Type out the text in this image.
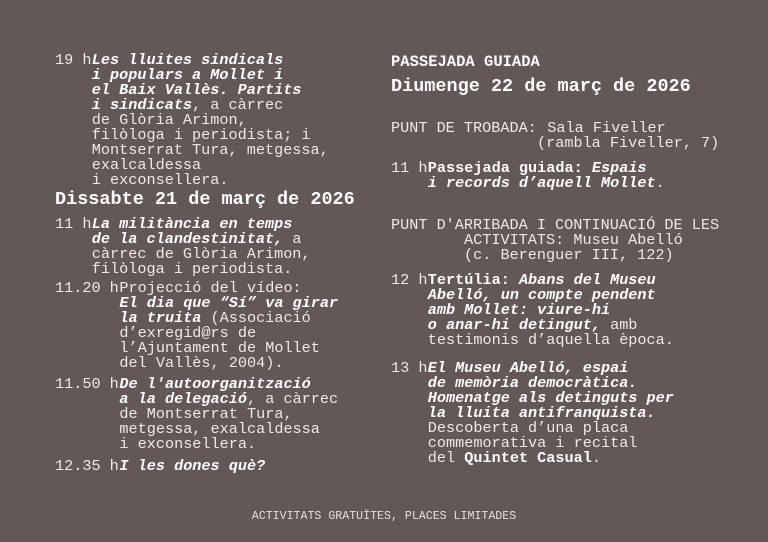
19 h Les lluites sindicals
i populars a Mollet i
el Baix Vallès. Partits
i sindicats, a càrrec
de Glòria Arimon,
filòloga i periodista; i
Montserrat Tura, metgessa,
exalcaldessa
i exconsellera.
Dissabte 21 de març de 2026
11 h La militància en temps
de la clandestinitat, a
càrrec de Glòria Arimon,
filòloga i periodista.
11.20 h Projecció del vídeo:
El dia que “Sí” va girar
la truita (Associació
d’exregid@rs de
l’Ajuntament de Mollet
del Vallès, 2004).
11.50 h De l'autoorganització
a la delegació, a càrrec
de Montserrat Tura,
metgessa, exalcaldessa
i exconsellera.
12.35 h I les dones què?
PASSEJADA GUIADA
Diumenge 22 de març de 2026
PUNT DE TROBADA: Sala Fiveller
(rambla Fiveller, 7)
11 h Passejada guiada: Espais
i records d’aquell Mollet.
PUNT D'ARRIBADA I CONTINUACIÓ DE LES
ACTIVITATS: Museu Abelló
(c. Berenguer III, 122)
12 h Tertúlia: Abans del Museu
Abelló, un compte pendent
amb Mollet: viure-hi
o anar-hi detingut, amb
testimonis d’aquella època.
13 h El Museu Abelló, espai
de memòria democràtica.
Homenatge als detinguts per
la lluita antifranquista.
Descoberta d’una placa
commemorativa i recital
del Quintet Casual.
ACTIVITATS GRATUÏTES, PLACES LIMITADES
